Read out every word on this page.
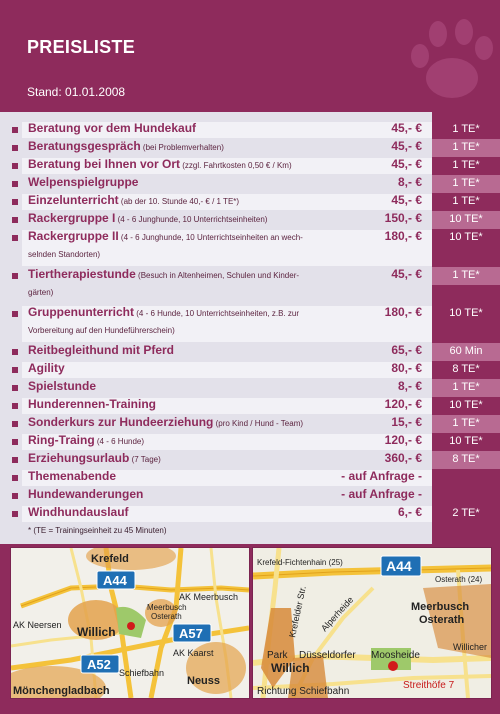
PREISLISTE
Stand: 01.01.2008
Beratung vor dem Hundekauf	45,- €	1 TE*
Beratungsgespräch (bei Problemverhalten)	45,- €	1 TE*
Beratung bei Ihnen vor Ort (zzgl. Fahrtkosten 0,50 € / Km)	45,- €	1 TE*
Welpenspielgruppe	8,- €	1 TE*
Einzelunterricht (ab der 10. Stunde 40,- € / 1 TE*)	45,- €	1 TE*
Rackergruppe I (4 - 6 Junghunde, 10 Unterrichtseinheiten)	150,- €	10 TE*
Rackergruppe II (4 - 6 Junghunde, 10 Unterrichtseinheiten an wech-
selnden Standorten)
180,- €	10 TE*
Tiertherapiestunde (Besuch in Altenheimen, Schulen und Kinder-
gärten)
45,- €	1 TE*
Gruppenunterricht (4 - 6 Hunde, 10 Unterrichtseinheiten, z.B. zur
Vorbereitung auf den Hundeführerschein)
180,- €	10 TE*
Reitbegleithund mit Pferd	65,- €	60 Min
Agility	80,- €	8 TE*
Spielstunde	8,- €	1 TE*
Hunderennen-Training	120,- €	10 TE*
Sonderkurs zur Hundeerziehung (pro Kind / Hund - Team)	15,- €	1 TE*
Ring-Traing (4 - 6 Hunde)	120,- €	10 TE*
Erziehungsurlaub (7 Tage)	360,- €	8 TE*
Themenabende	- auf Anfrage -
Hundewanderungen	- auf Anfrage -
Windhundauslauf	6,- €	2 TE*
* (TE = Trainingseinheit zu 45 Minuten)
Krefeld
AK Meerbusch
Meerbusch
Osterath
AK Neersen Willich
Schiefbahn
AK Kaarst
Mönchengladbach
Neuss
A44
A57
A52
Krefeld-Fichtenhain (25)
Osterath (24)
Krefelder Str. Alperheide	Meerbusch
Osterath
Park Düsseldorfer Moosheide
Willich
Willicher
Richtung Schiefbahn
Streithöfe 7
A44
